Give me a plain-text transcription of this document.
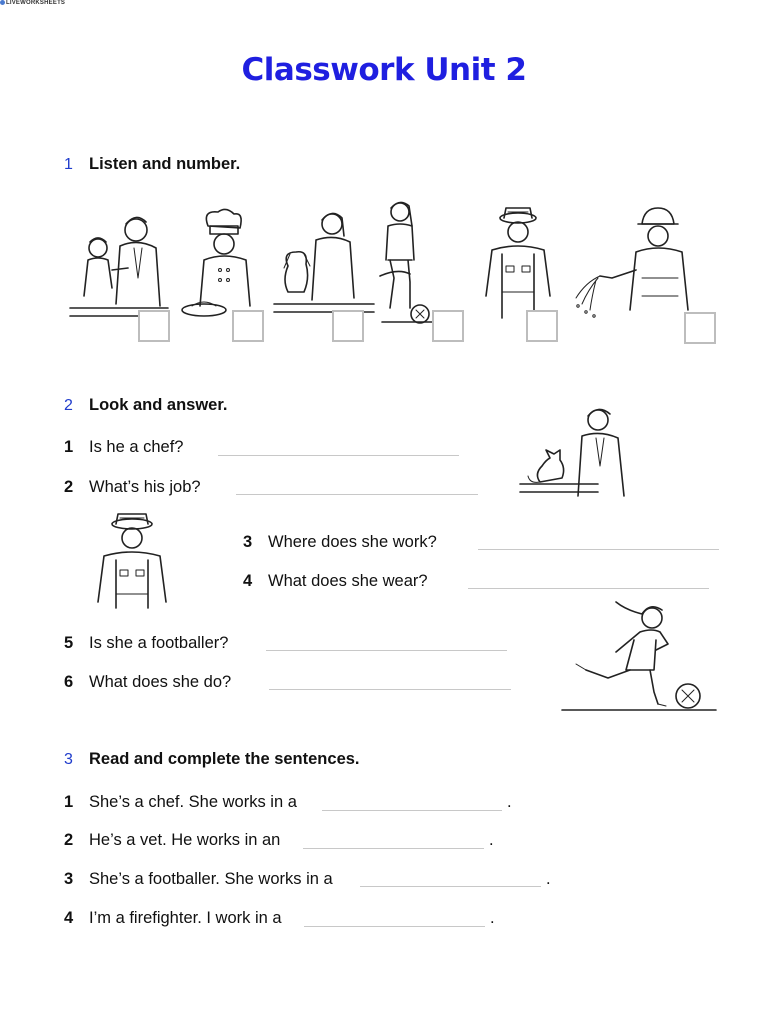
LIVEWORKSHEETS
Classwork Unit 2
1 Listen and number.
2 Look and answer.
1 Is he a chef?
2 What’s his job?
3 Where does she work?
4 What does she wear?
5 Is she a footballer?
6 What does she do?
3 Read and complete the sentences.
1 She’s a chef. She works in a	.
2 He’s a vet. He works in an	.
3 She’s a footballer. She works in a	.
4 I’m a firefighter. I work in a	.
